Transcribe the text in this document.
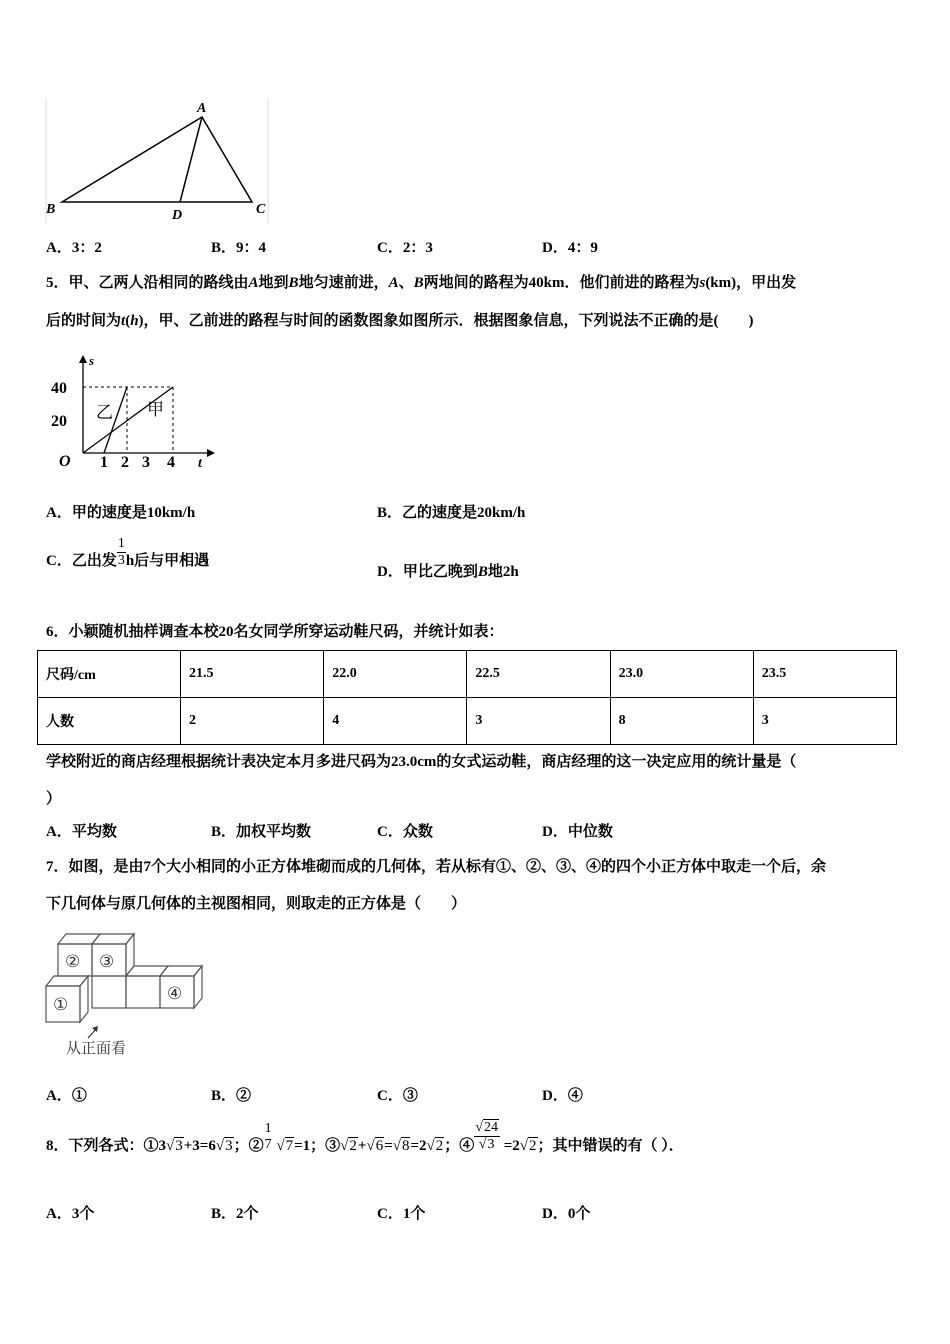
A
B	C
D
A．3：2	B．9：4	C．2：3	D．4：9
5．甲、乙两人沿相同的路线由A地到B地匀速前进，A、B两地间的路程为40km．他们前进的路程为s(km)，甲出发
后的时间为t(h)，甲、乙前进的路程与时间的函数图象如图所示．根据图象信息，下列说法不正确的是(　　)
s
t
O
40
20
1 2 3 4
乙 甲
A．甲的速度是10km/h	B．乙的速度是20km/h
C．乙出发 $\frac{1}{3}$ h后与甲相遇
D．甲比乙晚到B地2h
6．小颖随机抽样调查本校20名女同学所穿运动鞋尺码，并统计如表：
尺码/cm	21.5	22.0	22.5	23.0	23.5
人数	2	4	3	8	3
学校附近的商店经理根据统计表决定本月多进尺码为23.0cm的女式运动鞋，商店经理的这一决定应用的统计量是（
）
A．平均数	B．加权平均数	C．众数	D．中位数
7．如图，是由7个大小相同的小正方体堆砌而成的几何体，若从标有①、②、③、④的四个小正方体中取走一个后，余
下几何体与原几何体的主视图相同，则取走的正方体是（　　）
①
② ③
④
从正面看
A．①	B．②	C．③	D．④
8．下列各式：①3√3+3=6√3；②
1
7 √7=1；③√2+√6=√8=2√2；④ $\frac{√24}{√3} =2√2$；其中错误的有（ ）．
A．3个	B．2个	C．1个	D．0个
